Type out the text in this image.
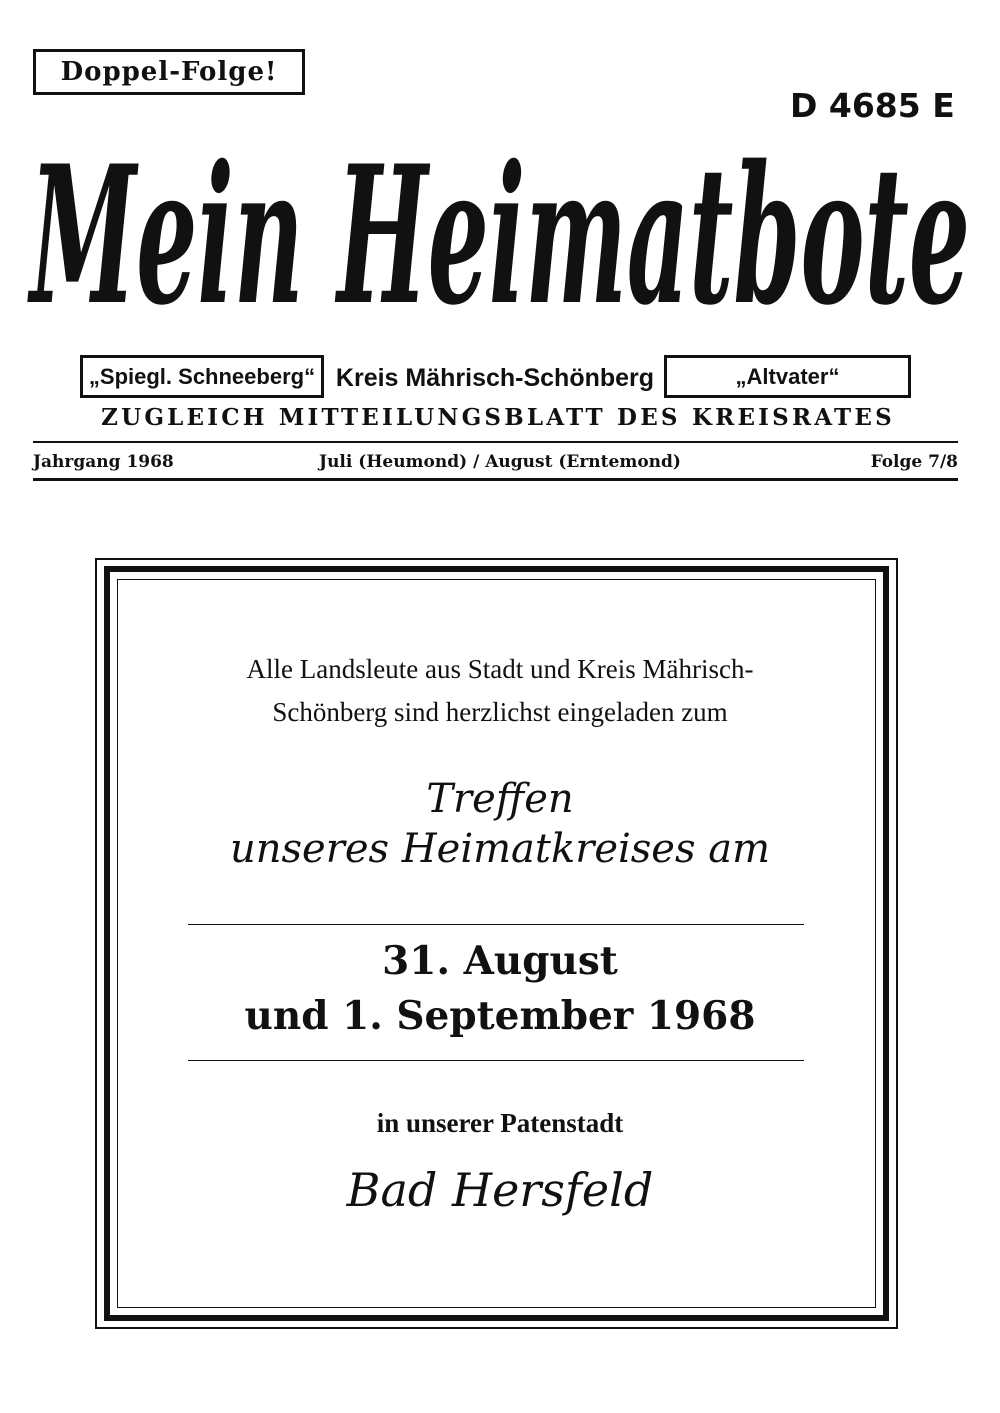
Doppel-Folge!
D 4685 E
Mein Heimatbote
„Spiegl. Schneeberg“ Kreis Mährisch-Schönberg	„Altvater“
ZUGLEICH MITTEILUNGSBLATT DES KREISRATES
Jahrgang 1968	Juli (Heumond) / August (Erntemond)	Folge 7/8
Alle Landsleute aus Stadt und Kreis Mährisch-
Schönberg sind herzlichst eingeladen zum
Treffen
unseres Heimatkreises am
31. August
und 1. September 1968
in unserer Patenstadt
Bad Hersfeld
